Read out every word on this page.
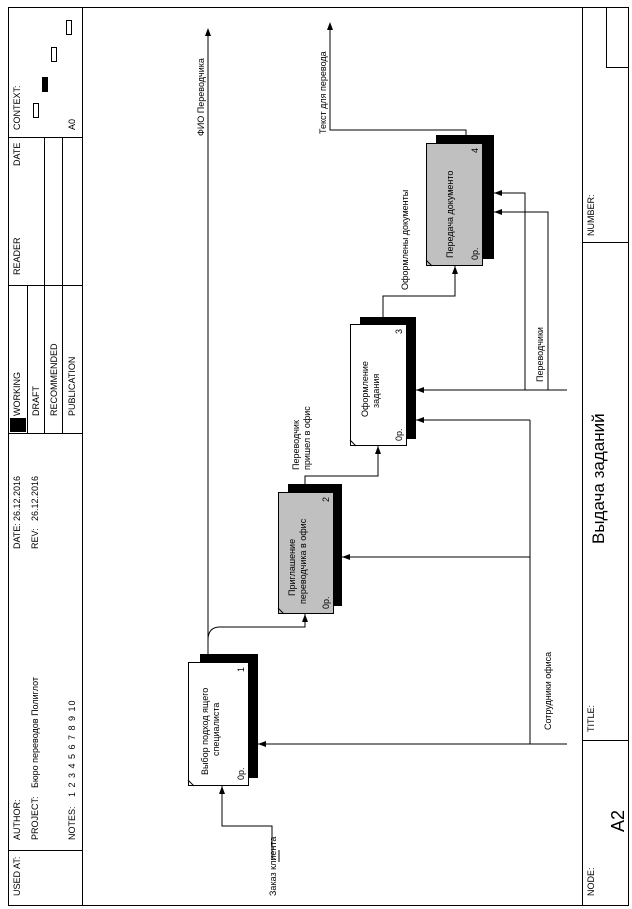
USED AT:
AUTHOR: PROJECT:
Бюро переводов Полиглот
NOTES:
1 2 3 4 5 6 7 8 9 10
DATE:
26.12.2016
REV:
26.12.2016
WORKING DRAFT RECOMMENDED PUBLICATION
READER
DATE
CONTEXT:	A0
NODE:
A2
TITLE:
Выдача заданий
NUMBER:
Выбор подход ящего специалиста
1
0р.
Приглашение переводчика в офис
2
0р.
Оформление задания
3
0р.
Передача документо
4
0р.
Заказ клиента
ФИО Переводчика
Переводчик пришел в офис
Оформлены документы
Текст для перевода
Переводчики
Сотрудники офиса
